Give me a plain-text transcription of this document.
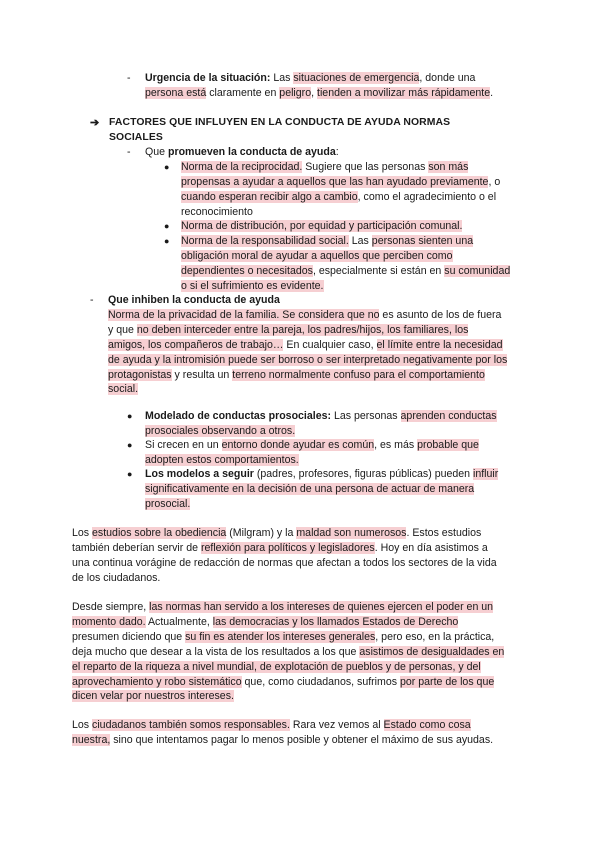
- Urgencia de la situación: Las situaciones de emergencia, donde una
persona está claramente en peligro, tienden a movilizar más rápidamente.
➔ FACTORES QUE INFLUYEN EN LA CONDUCTA DE AYUDA NORMAS
SOCIALES
- Que promueven la conducta de ayuda:
● Norma de la reciprocidad. Sugiere que las personas son más
propensas a ayudar a aquellos que las han ayudado previamente, o
cuando esperan recibir algo a cambio, como el agradecimiento o el
reconocimiento
● Norma de distribución, por equidad y participación comunal.
● Norma de la responsabilidad social. Las personas sienten una
obligación moral de ayudar a aquellos que perciben como
dependientes o necesitados, especialmente si están en su comunidad
o si el sufrimiento es evidente.
- Que inhiben la conducta de ayuda
Norma de la privacidad de la familia. Se considera que no es asunto de los de fuera
y que no deben interceder entre la pareja, los padres/hijos, los familiares, los
amigos, los compañeros de trabajo… En cualquier caso, el límite entre la necesidad
de ayuda y la intromisión puede ser borroso o ser interpretado negativamente por los
protagonistas y resulta un terreno normalmente confuso para el comportamiento
social.
● Modelado de conductas prosociales: Las personas aprenden conductas
prosociales observando a otros.
● Si crecen en un entorno donde ayudar es común, es más probable que
adopten estos comportamientos.
● Los modelos a seguir (padres, profesores, figuras públicas) pueden influir
significativamente en la decisión de una persona de actuar de manera
prosocial.
Los estudios sobre la obediencia (Milgram) y la maldad son numerosos. Estos estudios
también deberían servir de reflexión para políticos y legisladores. Hoy en día asistimos a
una continua vorágine de redacción de normas que afectan a todos los sectores de la vida
de los ciudadanos.
Desde siempre, las normas han servido a los intereses de quienes ejercen el poder en un
momento dado. Actualmente, las democracias y los llamados Estados de Derecho
presumen diciendo que su fin es atender los intereses generales, pero eso, en la práctica,
deja mucho que desear a la vista de los resultados a los que asistimos de desigualdades en
el reparto de la riqueza a nivel mundial, de explotación de pueblos y de personas, y del
aprovechamiento y robo sistemático que, como ciudadanos, sufrimos por parte de los que
dicen velar por nuestros intereses.
Los ciudadanos también somos responsables. Rara vez vemos al Estado como cosa
nuestra, sino que intentamos pagar lo menos posible y obtener el máximo de sus ayudas.
